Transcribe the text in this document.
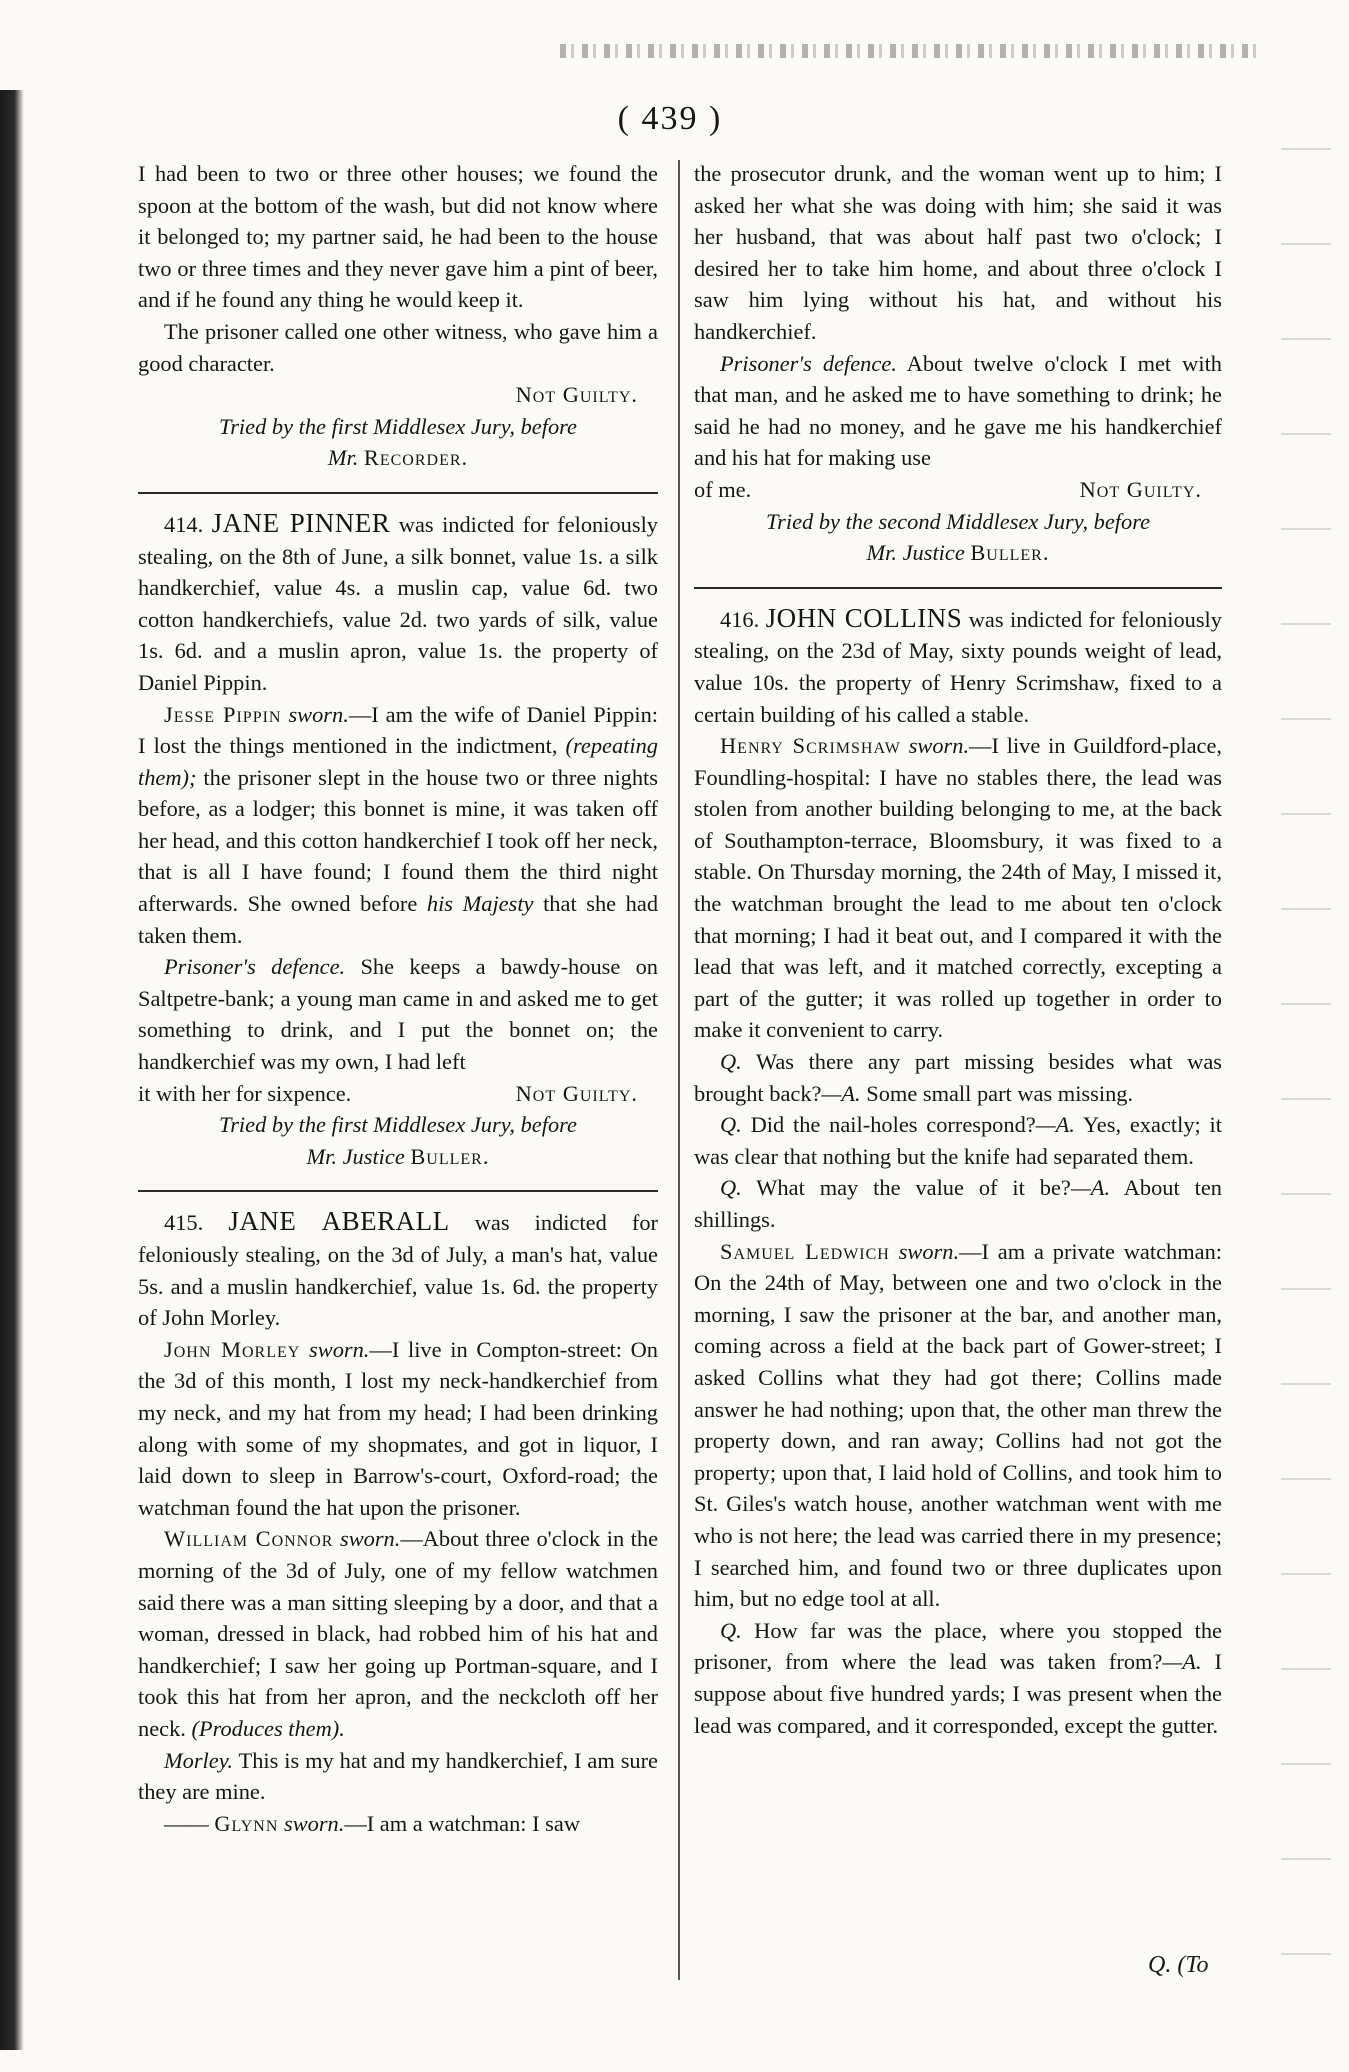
( 439 )

I had been to two or three other houses; we found the spoon at the bottom of the wash, but did not know where it belonged to; my partner said, he had been to the house two or three times and they never gave him a pint of beer, and if he found any thing he would keep it.

The prisoner called one other witness, who gave him a good character.

Not Guilty.

Tried by the first Middlesex Jury, before

Mr. Recorder.

414. JANE PINNER was indicted for feloniously stealing, on the 8th of June, a silk bonnet, value 1s. a silk handkerchief, value 4s. a muslin cap, value 6d. two cotton handkerchiefs, value 2d. two yards of silk, value 1s. 6d. and a muslin apron, value 1s. the property of Daniel Pippin.

Jesse Pippin sworn.—I am the wife of Daniel Pippin: I lost the things mentioned in the indictment, (repeating them); the prisoner slept in the house two or three nights before, as a lodger; this bonnet is mine, it was taken off her head, and this cotton handkerchief I took off her neck, that is all I have found; I found them the third night afterwards. She owned before his Majesty that she had taken them.

Prisoner's defence. She keeps a bawdy-house on Saltpetre-bank; a young man came in and asked me to get something to drink, and I put the bonnet on; the handkerchief was my own, I had left

it with her for sixpence.	Not Guilty.

Tried by the first Middlesex Jury, before

Mr. Justice Buller.

415. JANE ABERALL was indicted for feloniously stealing, on the 3d of July, a man's hat, value 5s. and a muslin handkerchief, value 1s. 6d. the property of John Morley.

John Morley sworn.—I live in Compton-street: On the 3d of this month, I lost my neck-handkerchief from my neck, and my hat from my head; I had been drinking along with some of my shopmates, and got in liquor, I laid down to sleep in Barrow's-court, Oxford-road; the watchman found the hat upon the prisoner.

William Connor sworn.—About three o'clock in the morning of the 3d of July, one of my fellow watchmen said there was a man sitting sleeping by a door, and that a woman, dressed in black, had robbed him of his hat and handkerchief; I saw her going up Portman-square, and I took this hat from her apron, and the neckcloth off her neck. (Produces them).

Morley. This is my hat and my handkerchief, I am sure they are mine.

—— Glynn sworn.—I am a watchman: I saw

the prosecutor drunk, and the woman went up to him; I asked her what she was doing with him; she said it was her husband, that was about half past two o'clock; I desired her to take him home, and about three o'clock I saw him lying without his hat, and without his handkerchief.

Prisoner's defence. About twelve o'clock I met with that man, and he asked me to have something to drink; he said he had no money, and he gave me his handkerchief and his hat for making use

of me.	Not Guilty.

Tried by the second Middlesex Jury, before

Mr. Justice Buller.

416. JOHN COLLINS was indicted for feloniously stealing, on the 23d of May, sixty pounds weight of lead, value 10s. the property of Henry Scrimshaw, fixed to a certain building of his called a stable.

Henry Scrimshaw sworn.—I live in Guildford-place, Foundling-hospital: I have no stables there, the lead was stolen from another building belonging to me, at the back of Southampton-terrace, Bloomsbury, it was fixed to a stable. On Thursday morning, the 24th of May, I missed it, the watchman brought the lead to me about ten o'clock that morning; I had it beat out, and I compared it with the lead that was left, and it matched correctly, excepting a part of the gutter; it was rolled up together in order to make it convenient to carry.

Q. Was there any part missing besides what was brought back?—A. Some small part was missing.

Q. Did the nail-holes correspond?—A. Yes, exactly; it was clear that nothing but the knife had separated them.

Q. What may the value of it be?—A. About ten shillings.

Samuel Ledwich sworn.—I am a private watchman: On the 24th of May, between one and two o'clock in the morning, I saw the prisoner at the bar, and another man, coming across a field at the back part of Gower-street; I asked Collins what they had got there; Collins made answer he had nothing; upon that, the other man threw the property down, and ran away; Collins had not got the property; upon that, I laid hold of Collins, and took him to St. Giles's watch house, another watchman went with me who is not here; the lead was carried there in my presence; I searched him, and found two or three duplicates upon him, but no edge tool at all.

Q. How far was the place, where you stopped the prisoner, from where the lead was taken from?—A. I suppose about five hundred yards; I was present when the lead was compared, and it corresponded, except the gutter.

Q. (To
